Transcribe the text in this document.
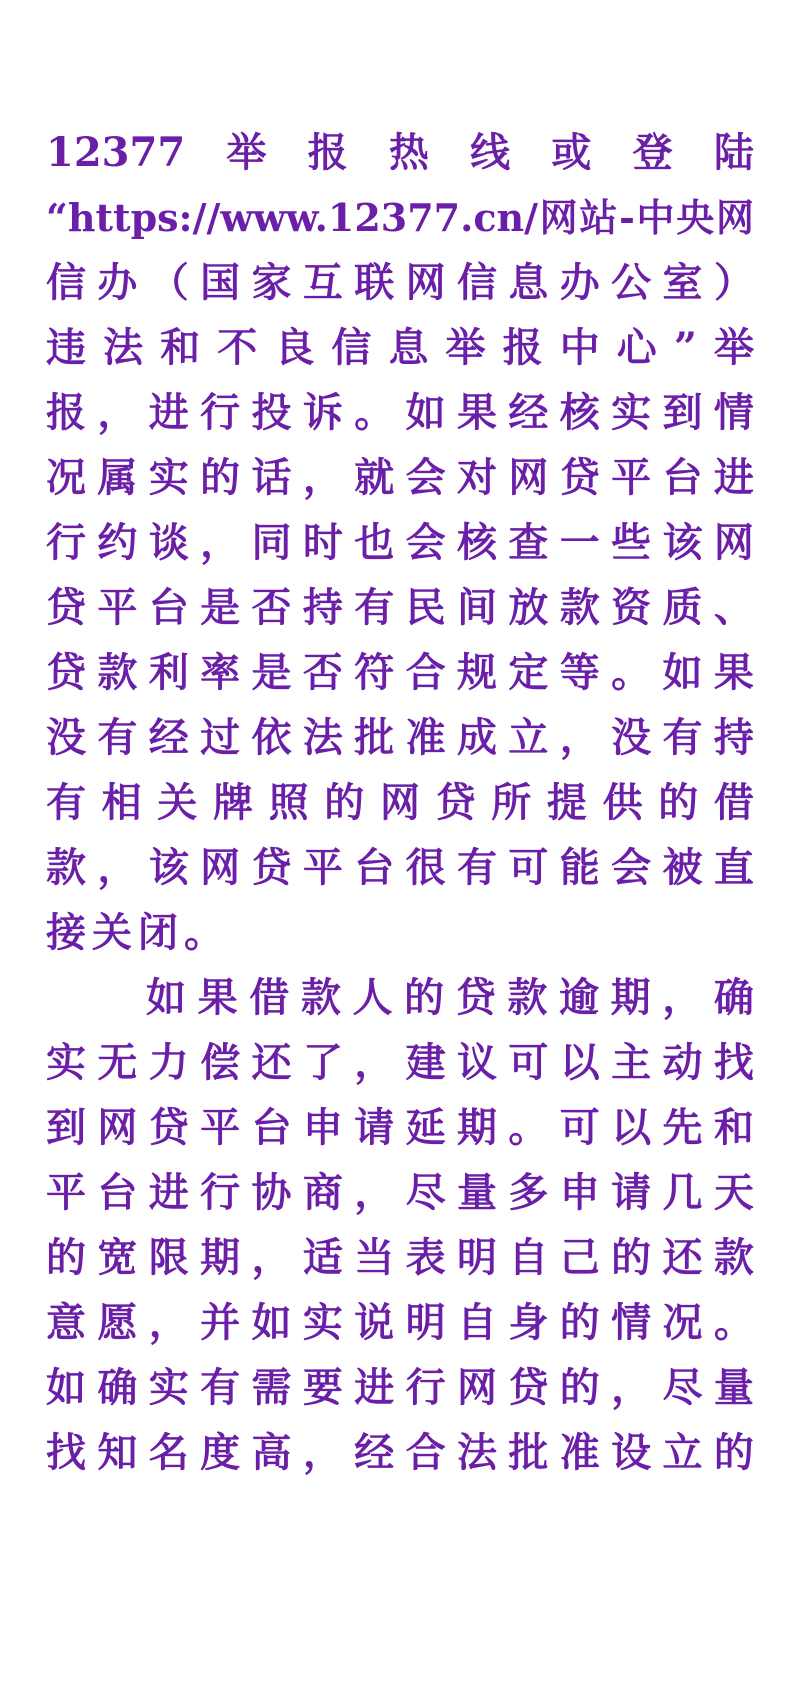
12377 举 报 热 线 或 登 陆
“https://www.12377.cn/ 网 站 - 中 央 网
信 办 （ 国 家 互 联 网 信 息 办 公 室 ）
违 法 和 不 良 信 息 举 报 中 心 ” 举
报 ， 进 行 投 诉 。 如 果 经 核 实 到 情
况 属 实 的 话 ， 就 会 对 网 贷 平 台 进
行 约 谈 ， 同 时 也 会 核 查 一 些 该 网
贷 平 台 是 否 持 有 民 间 放 款 资 质 、
贷 款 利 率 是 否 符 合 规 定 等 。 如 果
没 有 经 过 依 法 批 准 成 立 ， 没 有 持
有 相 关 牌 照 的 网 贷 所 提 供 的 借
款 ， 该 网 贷 平 台 很 有 可 能 会 被 直
接 关 闭 。
如 果 借 款 人 的 贷 款 逾 期 ， 确
实 无 力 偿 还 了 ， 建 议 可 以 主 动 找
到 网 贷 平 台 申 请 延 期 。 可 以 先 和
平 台 进 行 协 商 ， 尽 量 多 申 请 几 天
的 宽 限 期 ， 适 当 表 明 自 己 的 还 款
意 愿 ， 并 如 实 说 明 自 身 的 情 况 。
如 确 实 有 需 要 进 行 网 贷 的 ， 尽 量
找 知 名 度 高 ， 经 合 法 批 准 设 立 的
